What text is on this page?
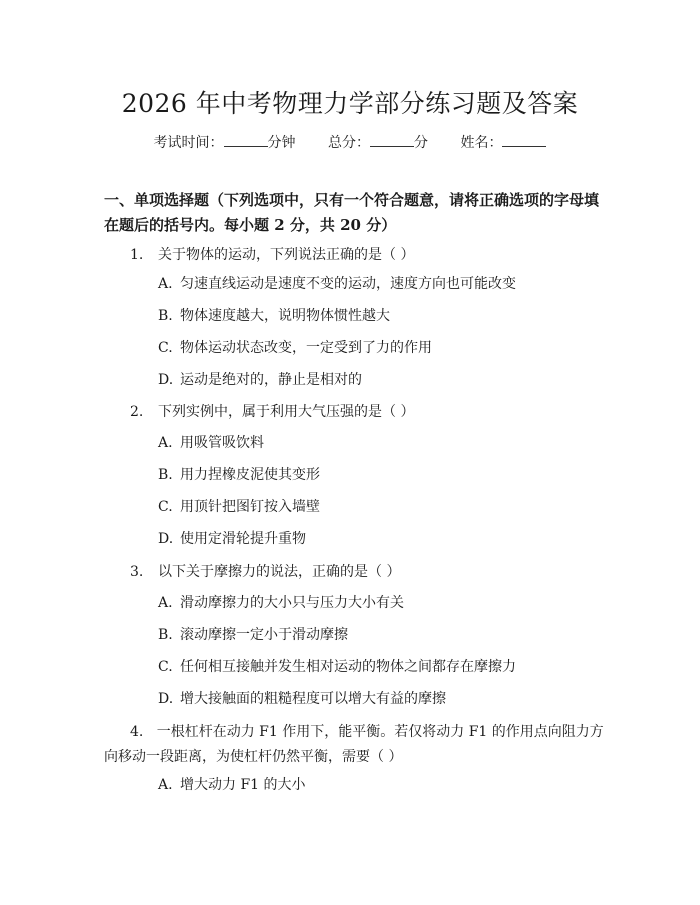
2026 年中考物理力学部分练习题及答案
考试时间：	分钟 总分：	分 姓名：
一、单项选择题（下列选项中，只有一个符合题意，请将正确选项的字母填在题后的括号内。每小题 2 分，共 20 分）
1. 关于物体的运动，下列说法正确的是（ ）
A. 匀速直线运动是速度不变的运动，速度方向也可能改变
B. 物体速度越大，说明物体惯性越大
C. 物体运动状态改变，一定受到了力的作用
D. 运动是绝对的，静止是相对的
2. 下列实例中，属于利用大气压强的是（ ）
A. 用吸管吸饮料
B. 用力捏橡皮泥使其变形
C. 用顶针把图钉按入墙壁
D. 使用定滑轮提升重物
3. 以下关于摩擦力的说法，正确的是（ ）
A. 滑动摩擦力的大小只与压力大小有关
B. 滚动摩擦一定小于滑动摩擦
C. 任何相互接触并发生相对运动的物体之间都存在摩擦力
D. 增大接触面的粗糙程度可以增大有益的摩擦
4. 一根杠杆在动力 F1 作用下，能平衡。若仅将动力 F1 的作用点向阻力方向移动一段距离，为使杠杆仍然平衡，需要（ ）
A. 增大动力 F1 的大小
